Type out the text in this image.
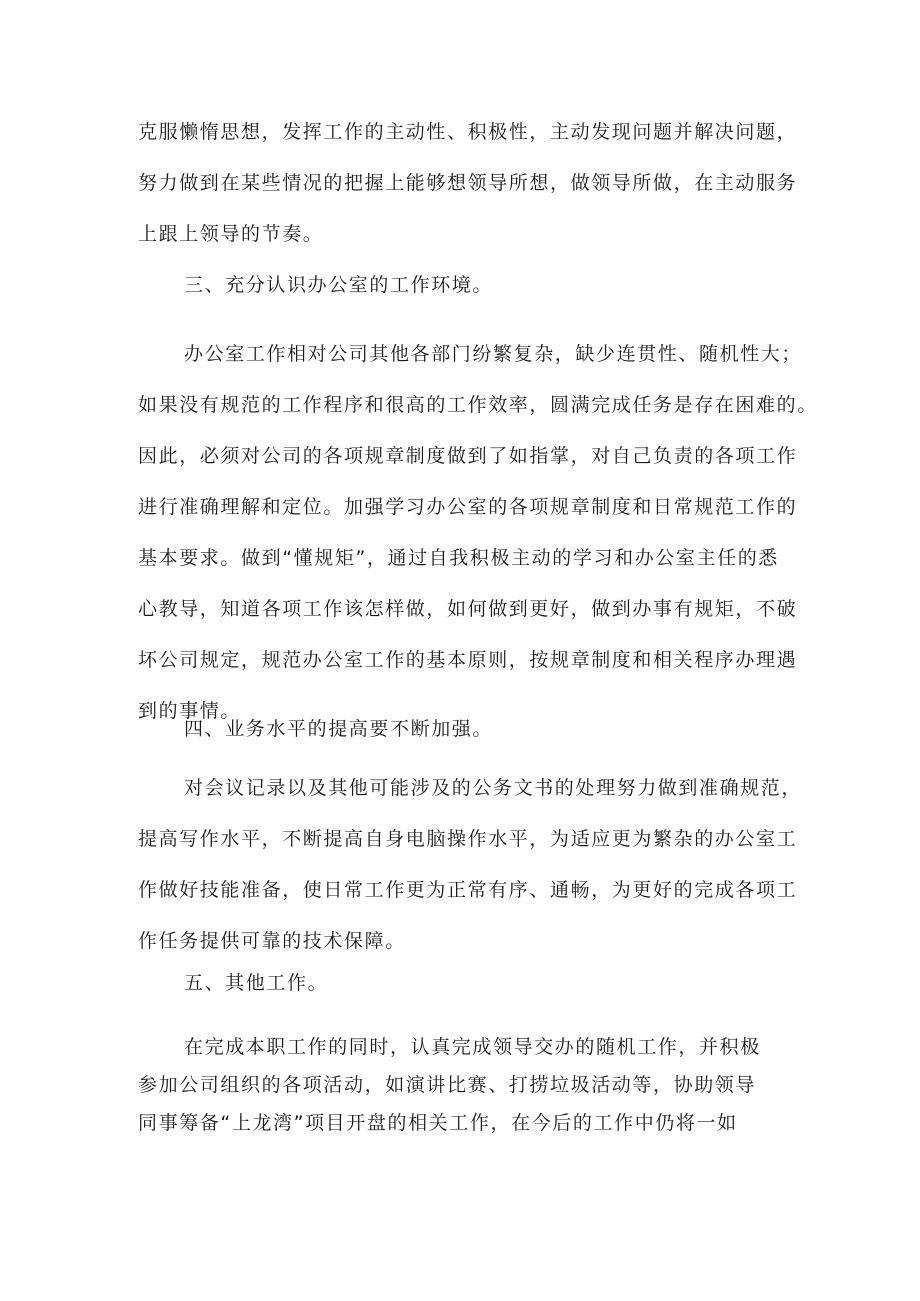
克服懒惰思想，发挥工作的主动性、积极性，主动发现问题并解决问题，
努力做到在某些情况的把握上能够想领导所想，做领导所做，在主动服务
上跟上领导的节奏。
三、充分认识办公室的工作环境。
办公室工作相对公司其他各部门纷繁复杂，缺少连贯性、随机性大；
如果没有规范的工作程序和很高的工作效率，圆满完成任务是存在困难的。
因此，必须对公司的各项规章制度做到了如指掌，对自己负责的各项工作
进行准确理解和定位。加强学习办公室的各项规章制度和日常规范工作的
基本要求。做到“懂规矩”，通过自我积极主动的学习和办公室主任的悉
心教导，知道各项工作该怎样做，如何做到更好，做到办事有规矩，不破
坏公司规定，规范办公室工作的基本原则，按规章制度和相关程序办理遇
到的事情。
四、业务水平的提高要不断加强。
对会议记录以及其他可能涉及的公务文书的处理努力做到准确规范，
提高写作水平，不断提高自身电脑操作水平，为适应更为繁杂的办公室工
作做好技能准备，使日常工作更为正常有序、通畅，为更好的完成各项工
作任务提供可靠的技术保障。
五、其他工作。
在完成本职工作的同时，认真完成领导交办的随机工作，并积极
参加公司组织的各项活动，如演讲比赛、打捞垃圾活动等，协助领导
同事筹备“上龙湾”项目开盘的相关工作，在今后的工作中仍将一如
